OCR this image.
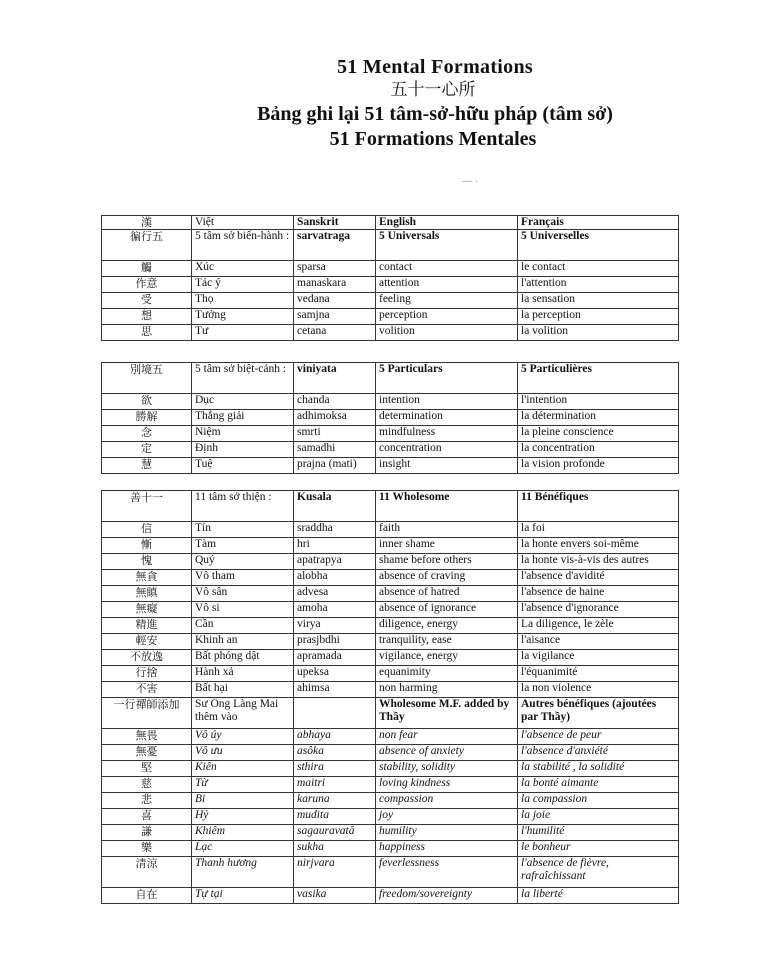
51 Mental Formations
五十一心所
Bảng ghi lại 51 tâm-sở-hữu pháp (tâm sở)
51 Formations Mentales
— ·
漢	Việt	Sanskrit	English	Français
徧行五	5 tâm sở biến-hành :	sarvatraga	5 Universals	5 Universelles
觸	Xúc	sparsa	contact	le contact
作意	Tác ý	manaskara	attention	l'attention
受	Thọ	vedana	feeling	la sensation
想	Tưởng	samjna	perception	la perception
思	Tư	cetana	volition	la volition
別境五	5 tâm sở biệt-cảnh :	viniyata	5 Particulars	5 Particulières
欲	Dục	chanda	intention	l'intention
勝解	Thắng giải	adhimoksa	determination	la détermination
念	Niệm	smrti	mindfulness	la pleine conscience
定	Định	samadhi	concentration	la concentration
慧	Tuệ	prajna (mati)	insight	la vision profonde
善十一	11 tâm sở thiện :	Kusala	11 Wholesome	11 Bénéfiques
信	Tín	sraddha	faith	la foi
慚	Tàm	hri	inner shame	la honte envers soi-même
愧	Quý	apatrapya	shame before others	la honte vis-à-vis des autres
無貪	Vô tham	alobha	absence of craving	l'absence d'avidité
無瞋	Vô sân	advesa	absence of hatred	l'absence de haine
無癡	Vô si	amoha	absence of ignorance	l'absence d'ignorance
精進	Cần	virya	diligence, energy	La diligence, le zèle
輕安	Khinh an	prasjbdhi	tranquility, ease	l'aisance
不放逸	Bất phóng dật	apramada	vigilance, energy	la vigilance
行捨	Hành xả	upeksa	equanimity	l'équanimité
不害	Bất hại	ahimsa	non harming	la non violence
一行禪師添加	Sư Ông Làng Mai thêm vào		Wholesome M.F. added by Thầy	Autres bénéfiques (ajoutées par Thầy)
無畏	Vô úy	abhaya	non fear	l'absence de peur
無憂	Vô ưu	asôka	absence of anxiety	l'absence d'anxiété
堅	Kiên	sthira	stability, solidity	la stabilité , la solidité
慈	Từ	maitri	loving kindness	la bonté aimante
悲	Bi	karuna	compassion	la compassion
喜	Hỷ	mudita	joy	la joie
謙	Khiêm	sagauravatā	humility	l'humilité
樂	Lạc	sukha	happiness	le bonheur
清涼	Thanh hương	nirjvara	feverlessness	l'absence de fièvre, rafraîchissant
自在	Tự tại	vasika	freedom/sovereignty	la liberté
